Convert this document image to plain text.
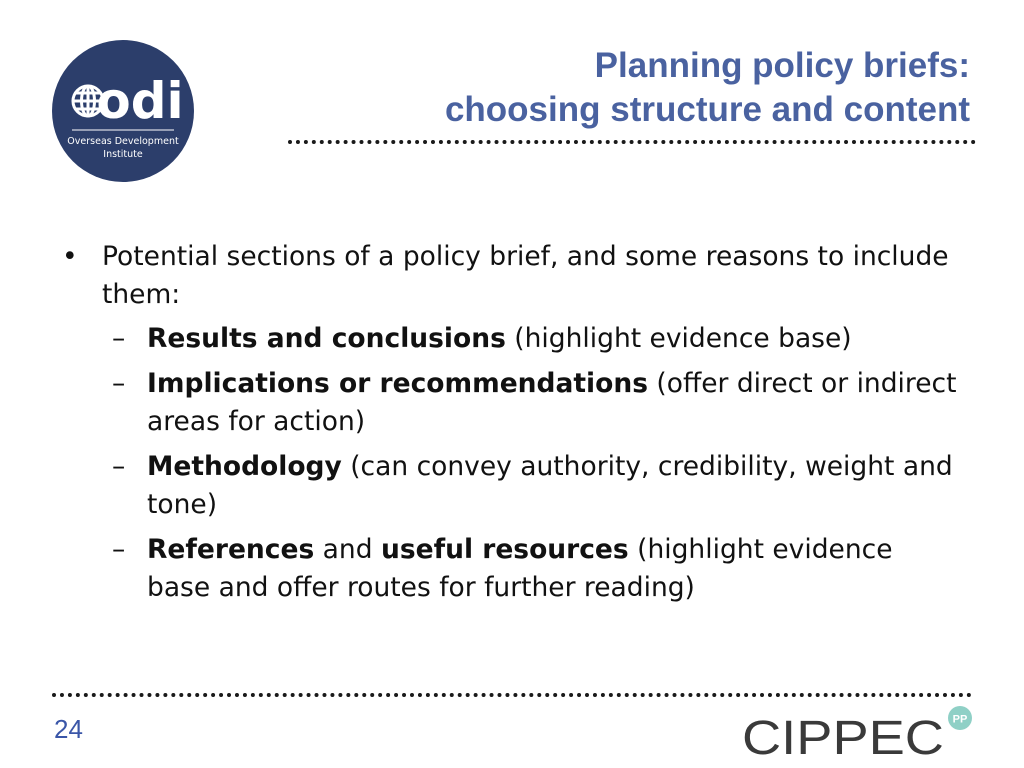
odi
Overseas Development
Institute
Planning policy briefs:
choosing structure and content
• Potential sections of a policy brief, and some reasons to include them:
– Results and conclusions (highlight evidence base)
– Implications or recommendations (offer direct or indirect areas for action)
– Methodology (can convey authority, credibility, weight and tone)
– References and useful resources (highlight evidence base and offer routes for further reading)
24	CIPPEC PP
